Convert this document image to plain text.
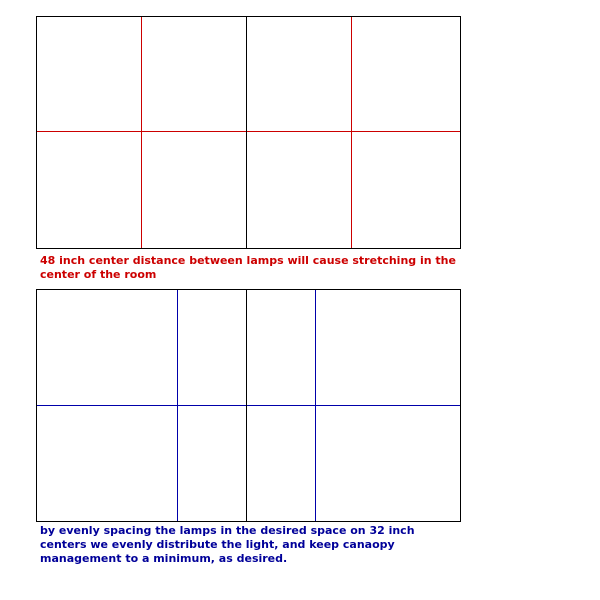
48 inch center distance between lamps will cause stretching in the center of the room

by evenly spacing the lamps in the desired space on 32 inch centers we evenly distribute the light, and keep canaopy management to a minimum, as desired.
